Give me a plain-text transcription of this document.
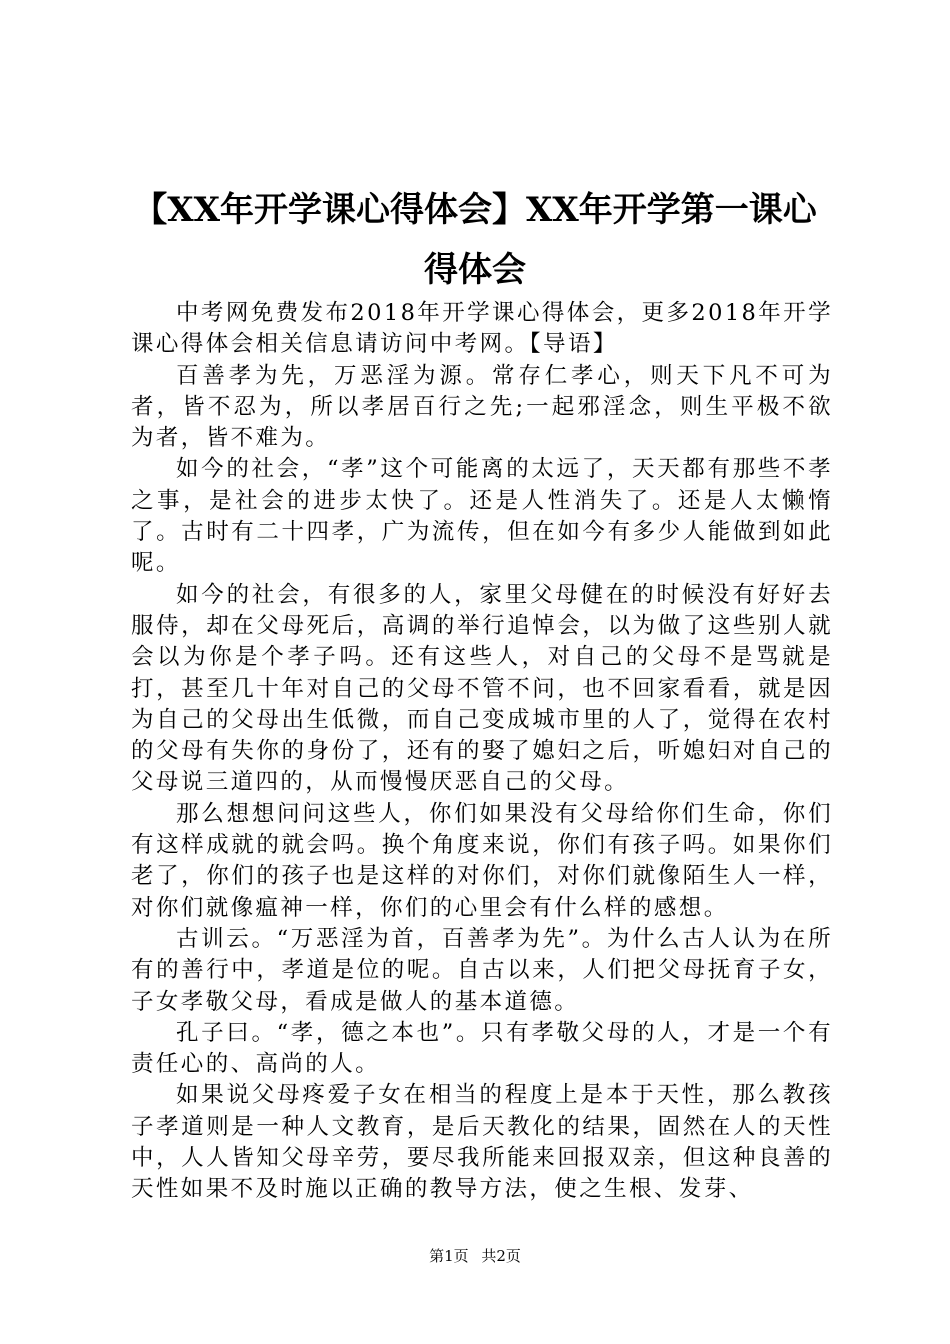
【XX年开学课心得体会】XX年开学第一课心
得体会

中考网免费发布2018年开学课心得体会，更多2018年开学课心得体会相关信息请访问中考网。【导语】

百善孝为先，万恶淫为源。常存仁孝心，则天下凡不可为者，皆不忍为，所以孝居百行之先;一起邪淫念，则生平极不欲为者，皆不难为。

如今的社会，“孝”这个可能离的太远了，天天都有那些不孝之事，是社会的进步太快了。还是人性消失了。还是人太懒惰了。古时有二十四孝，广为流传，但在如今有多少人能做到如此呢。

如今的社会，有很多的人，家里父母健在的时候没有好好去服侍，却在父母死后，高调的举行追悼会，以为做了这些别人就会以为你是个孝子吗。还有这些人，对自己的父母不是骂就是打，甚至几十年对自己的父母不管不问，也不回家看看，就是因为自己的父母出生低微，而自己变成城市里的人了，觉得在农村的父母有失你的身份了，还有的娶了媳妇之后，听媳妇对自己的父母说三道四的，从而慢慢厌恶自己的父母。

那么想想问问这些人，你们如果没有父母给你们生命，你们有这样成就的就会吗。换个角度来说，你们有孩子吗。如果你们老了，你们的孩子也是这样的对你们，对你们就像陌生人一样，对你们就像瘟神一样，你们的心里会有什么样的感想。

古训云。“万恶淫为首，百善孝为先”。为什么古人认为在所有的善行中，孝道是位的呢。自古以来，人们把父母抚育子女，子女孝敬父母，看成是做人的基本道德。

孔子曰。“孝，德之本也”。只有孝敬父母的人，才是一个有责任心的、高尚的人。

如果说父母疼爱子女在相当的程度上是本于天性，那么教孩子孝道则是一种人文教育，是后天教化的结果，固然在人的天性中，人人皆知父母辛劳，要尽我所能来回报双亲，但这种良善的天性如果不及时施以正确的教导方法，使之生根、发芽、

第1页 共2页
